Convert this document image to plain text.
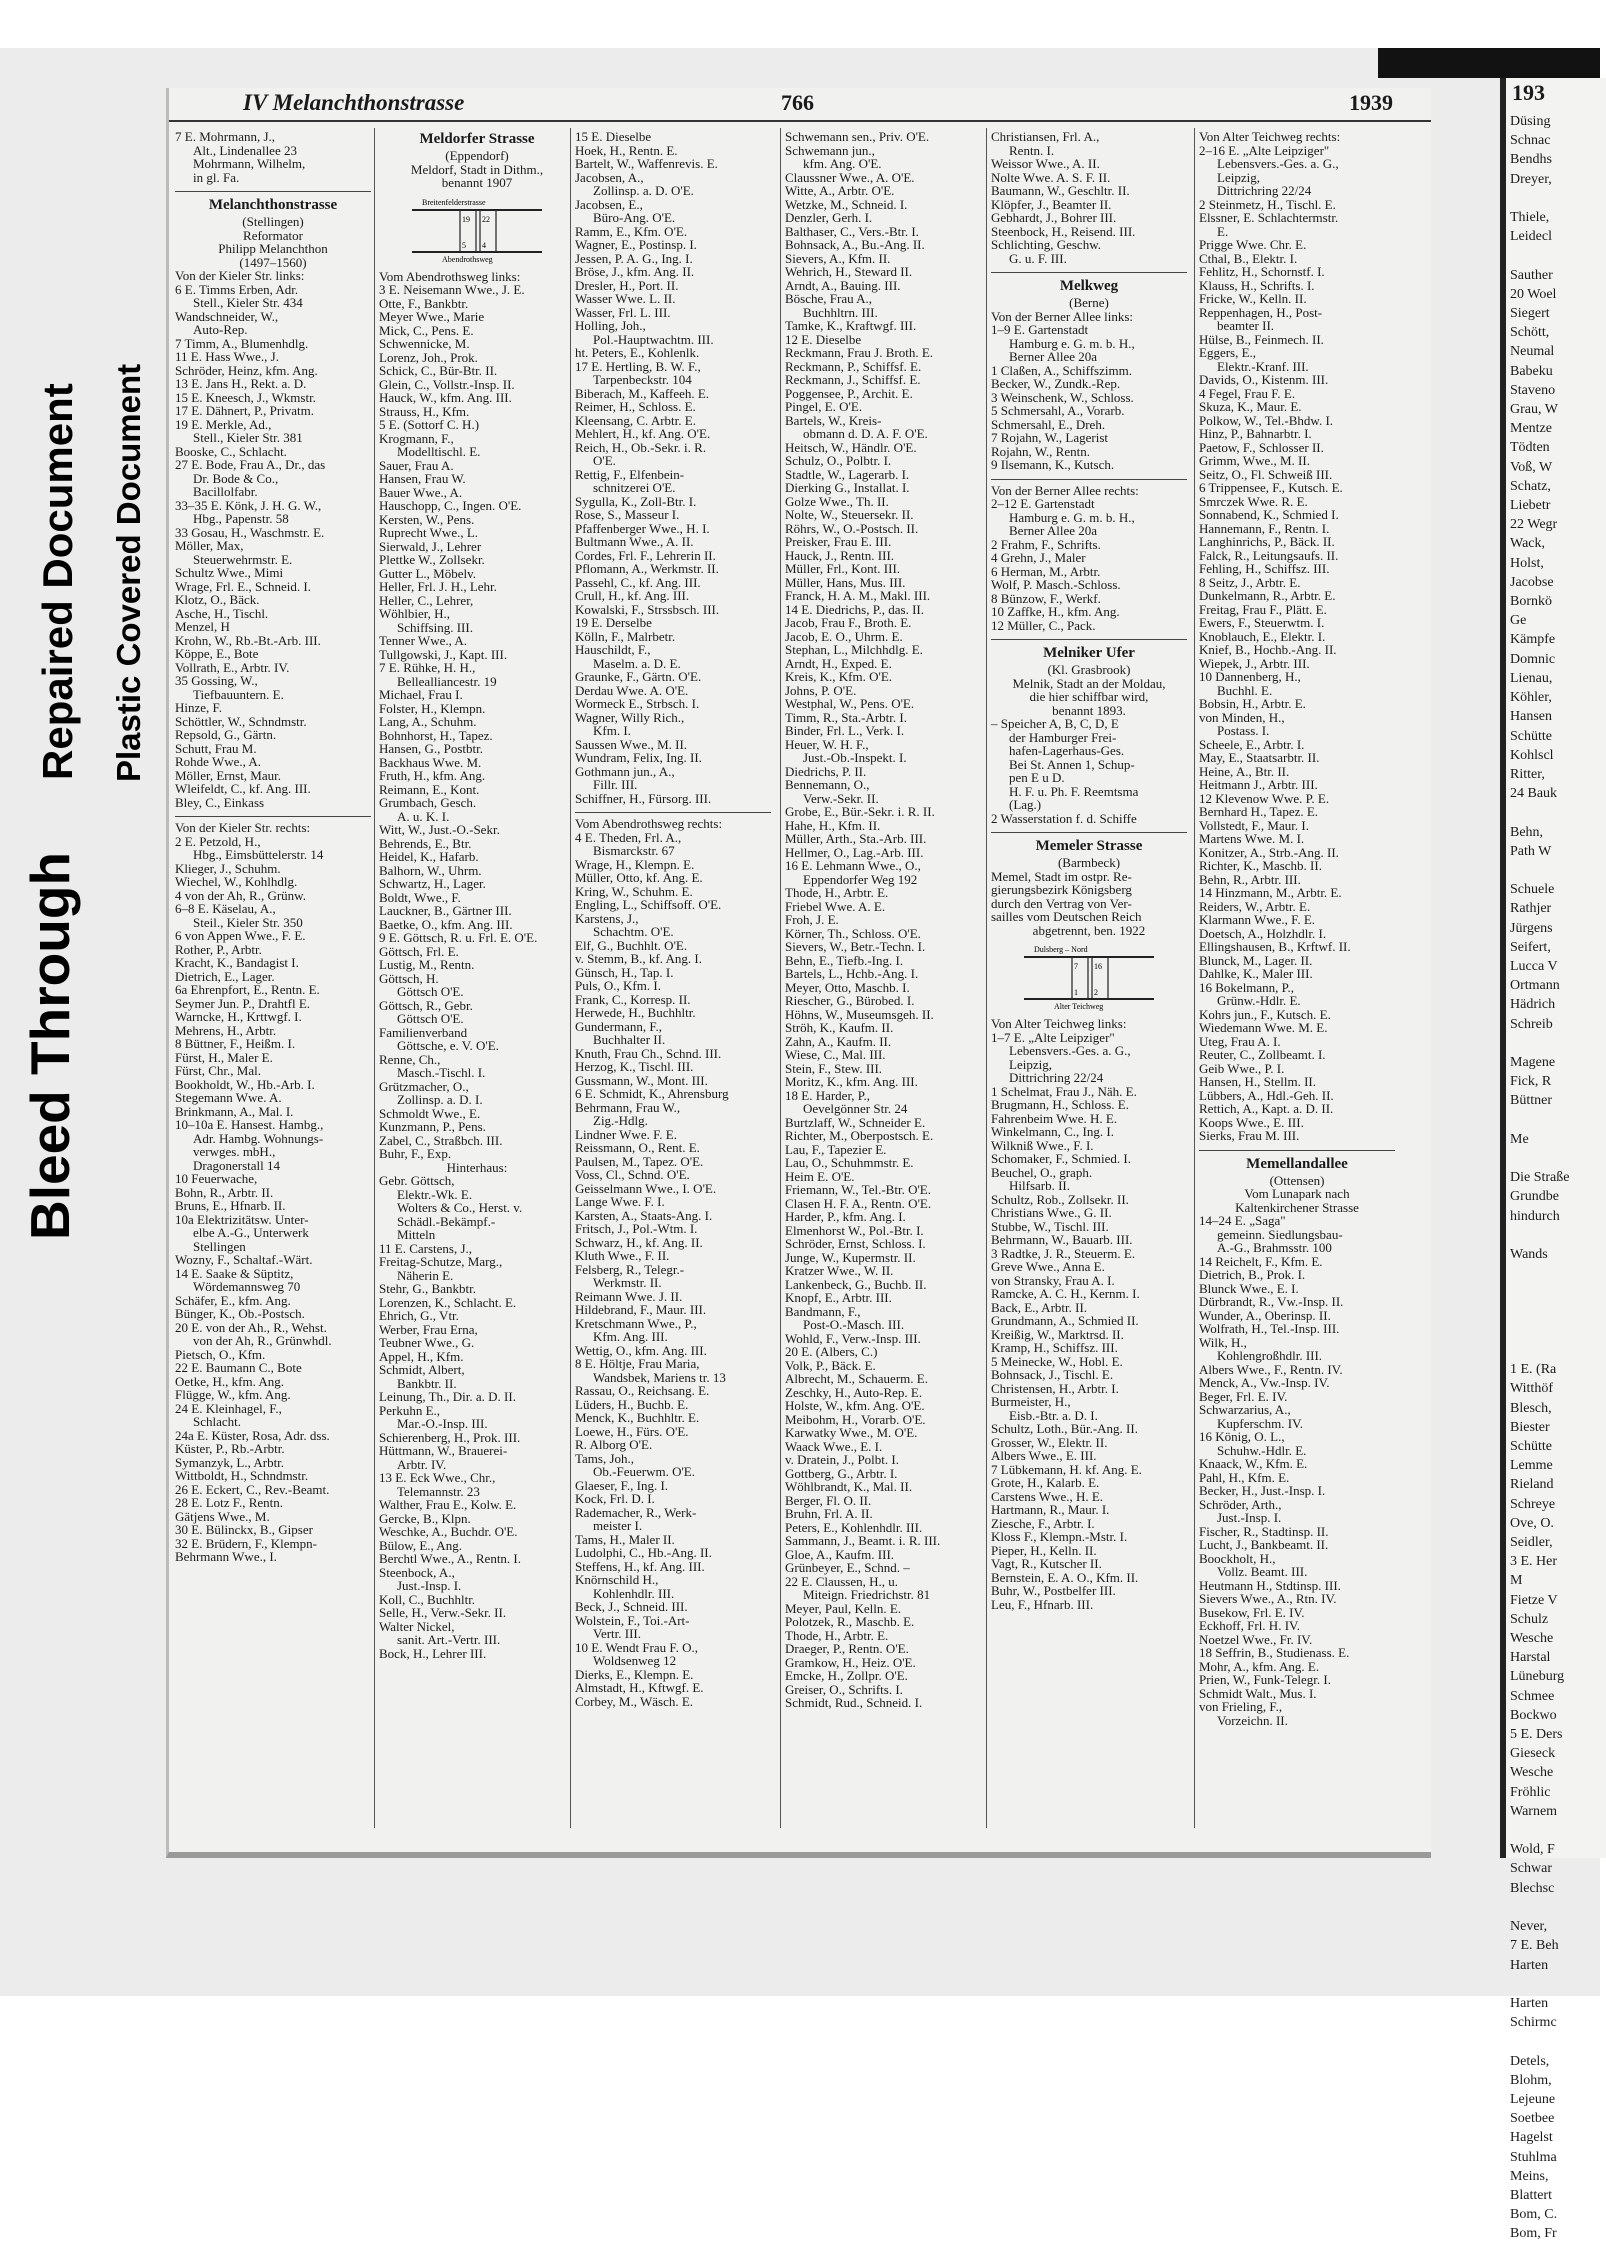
Bleed Through
Repaired Document Plastic Covered Document
IV Melanchthonstrasse	766	1939
7 E. Mohrmann, J.,
Alt., Lindenallee 23
Mohrmann, Wilhelm,
in gl. Fa.
Melanchthonstrasse
(Stellingen)
Reformator
Philipp Melanchthon
(1497–1560)
Von der Kieler Str. links:
6 E. Timms Erben, Adr.
Stell., Kieler Str. 434
Wandschneider, W.,
Auto-Rep.
7 Timm, A., Blumenhdlg.
11 E. Hass Wwe., J.
Schröder, Heinz, kfm. Ang.
13 E. Jans H., Rekt. a. D.
15 E. Kneesch, J., Wkmstr.
17 E. Dähnert, P., Privatm.
19 E. Merkle, Ad.,
Stell., Kieler Str. 381
Booske, C., Schlacht.
27 E. Bode, Frau A., Dr., das
Dr. Bode & Co.,
Bacillolfabr.
33–35 E. Könk, J. H. G. W.,
Hbg., Papenstr. 58
33 Gosau, H., Waschmstr. E.
Möller, Max,
Steuerwehrmstr. E.
Schultz Wwe., Mimi
Wrage, Frl. E., Schneid. I.
Klotz, O., Bäck.
Asche, H., Tischl.
Menzel, H
Krohn, W., Rb.-Bt.-Arb. III.
Köppe, E., Bote
Vollrath, E., Arbtr. IV.
35 Gossing, W.,
Tiefbauuntern. E.
Hinze, F.
Schöttler, W., Schndmstr.
Repsold, G., Gärtn.
Schutt, Frau M.
Rohde Wwe., A.
Möller, Ernst, Maur.
Wleifeldt, C., kf. Ang. III.
Bley, C., Einkass
Von der Kieler Str. rechts:
2 E. Petzold, H.,
Hbg., Eimsbüttelerstr. 14
Klieger, J., Schuhm.
Wiechel, W., Kohlhdlg.
4 von der Ah, R., Grünw.
6–8 E. Käselau, A.,
Steil., Kieler Str. 350
6 von Appen Wwe., F. E.
Rother, P., Arbtr.
Kracht, K., Bandagist I.
Dietrich, E., Lager.
6a Ehrenpfort, E., Rentn. E.
Seymer Jun. P., Drahtfl E.
Warncke, H., Krttwgf. I.
Mehrens, H., Arbtr.
8 Büttner, F., Heißm. I.
Fürst, H., Maler E.
Fürst, Chr., Mal.
Bookholdt, W., Hb.-Arb. I.
Stegemann Wwe. A.
Brinkmann, A., Mal. I.
10–10a E. Hansest. Hambg.,
Adr. Hambg. Wohnungs-
verwges. mbH.,
Dragonerstall 14
10 Feuerwache,
Bohn, R., Arbtr. II.
Bruns, E., Hfnarb. II.
10a Elektrizitätsw. Unter-
elbe A.-G., Unterwerk
Stellingen
Wozny, F., Schaltaf.-Wärt.
14 E. Saake & Süptitz,
Wördemannsweg 70
Schäfer, E., kfm. Ang.
Bünger, K., Ob.-Postsch.
20 E. von der Ah., R., Wehst.
von der Ah, R., Grünwhdl.
Pietsch, O., Kfm.
22 E. Baumann C., Bote
Oetke, H., kfm. Ang.
Flügge, W., kfm. Ang.
24 E. Kleinhagel, F.,
Schlacht.
24a E. Küster, Rosa, Adr. dss.
Küster, P., Rb.-Arbtr.
Symanzyk, L., Arbtr.
Wittboldt, H., Schndmstr.
26 E. Eckert, C., Rev.-Beamt.
28 E. Lotz F., Rentn.
Gätjens Wwe., M.
30 E. Bülinckx, B., Gipser
32 E. Brüdern, F., Klempn-
Behrmann Wwe., I.
Meldorfer Strasse
(Eppendorf)
Meldorf, Stadt in Dithm.,
benannt 1907
Breitenfelderstrasse
Abendrothsweg
19 22
5 4
Vom Abendrothsweg links:
3 E. Neisemann Wwe., J. E.
Otte, F., Bankbtr.
Meyer Wwe., Marie
Mick, C., Pens. E.
Schwennicke, M.
Lorenz, Joh., Prok.
Schick, C., Bür-Btr. II.
Glein, C., Vollstr.-Insp. II.
Hauck, W., kfm. Ang. III.
Strauss, H., Kfm.
5 E. (Sottorf C. H.)
Krogmann, F.,
Modelltischl. E.
Sauer, Frau A.
Hansen, Frau W.
Bauer Wwe., A.
Hauschopp, C., Ingen. O'E.
Kersten, W., Pens.
Ruprecht Wwe., L.
Sierwald, J., Lehrer
Plettke W., Zollsekr.
Gutter L., Möbelv.
Heller, Frl. J. H., Lehr.
Heller, C., Lehrer,
Wöhlbier, H.,
Schiffsing. III.
Tenner Wwe., A.
Tullgowski, J., Kapt. III.
7 E. Rühke, H. H.,
Bellealliancestr. 19
Michael, Frau I.
Folster, H., Klempn.
Lang, A., Schuhm.
Bohnhorst, H., Tapez.
Hansen, G., Postbtr.
Backhaus Wwe. M.
Fruth, H., kfm. Ang.
Reimann, E., Kont.
Grumbach, Gesch.
A. u. K. I.
Witt, W., Just.-O.-Sekr.
Behrends, E., Btr.
Heidel, K., Hafarb.
Balhorn, W., Uhrm.
Schwartz, H., Lager.
Boldt, Wwe., F.
Lauckner, B., Gärtner III.
Baetke, O., kfm. Ang. III.
9 E. Göttsch, R. u. Frl. E. O'E.
Göttsch, Frl. E.
Lustig, M., Rentn.
Göttsch, H.
Göttsch O'E.
Göttsch, R., Gebr.
Göttsch O'E.
Familienverband
Göttsche, e. V. O'E.
Renne, Ch.,
Masch.-Tischl. I.
Grützmacher, O.,
Zollinsp. a. D. I.
Schmoldt Wwe., E.
Kunzmann, P., Pens.
Zabel, C., Straßbch. III.
Buhr, F., Exp.
Hinterhaus:
Gebr. Göttsch,
Elektr.-Wk. E.
Wolters & Co., Herst. v.
Schädl.-Bekämpf.-
Mitteln
11 E. Carstens, J.,
Freitag-Schutze, Marg.,
Näherin E.
Stehr, G., Bankbtr.
Lorenzen, K., Schlacht. E.
Ehrich, G., Vtr.
Werber, Frau Erna,
Teubner Wwe., G.
Appel, H., Kfm.
Schmidt, Albert,
Bankbtr. II.
Leinung, Th., Dir. a. D. II.
Perkuhn E.,
Mar.-O.-Insp. III.
Schierenberg, H., Prok. III.
Hüttmann, W., Brauerei-
Arbtr. IV.
13 E. Eck Wwe., Chr.,
Telemannstr. 23
Walther, Frau E., Kolw. E.
Gercke, B., Klpn.
Weschke, A., Buchdr. O'E.
Bülow, E., Ang.
Berchtl Wwe., A., Rentn. I.
Steenbock, A.,
Just.-Insp. I.
Koll, C., Buchhltr.
Selle, H., Verw.-Sekr. II.
Walter Nickel,
sanit. Art.-Vertr. III.
Bock, H., Lehrer III.
15 E. Dieselbe
Hoek, H., Rentn. E.
Bartelt, W., Waffenrevis. E.
Jacobsen, A.,
Zollinsp. a. D. O'E.
Jacobsen, E.,
Büro-Ang. O'E.
Ramm, E., Kfm. O'E.
Wagner, E., Postinsp. I.
Jessen, P. A. G., Ing. I.
Bröse, J., kfm. Ang. II.
Dresler, H., Port. II.
Wasser Wwe. L. II.
Wasser, Frl. L. III.
Holling, Joh.,
Pol.-Hauptwachtm. III.
ht. Peters, E., Kohlenlk.
17 E. Hertling, B. W. F.,
Tarpenbeckstr. 104
Biberach, M., Kaffeeh. E.
Reimer, H., Schloss. E.
Kleensang, C. Arbtr. E.
Mehlert, H., kf. Ang. O'E.
Reich, H., Ob.-Sekr. i. R.
O'E.
Rettig, F., Elfenbein-
schnitzerei O'E.
Sygulla, K., Zoll-Btr. I.
Rose, S., Masseur I.
Pfaffenberger Wwe., H. I.
Bultmann Wwe., A. II.
Cordes, Frl. F., Lehrerin II.
Pflomann, A., Werkmstr. II.
Passehl, C., kf. Ang. III.
Crull, H., kf. Ang. III.
Kowalski, F., Strssbsch. III.
19 E. Derselbe
Kölln, F., Malrbetr.
Hauschildt, F.,
Maselm. a. D. E.
Graunke, F., Gärtn. O'E.
Derdau Wwe. A. O'E.
Wormeck E., Strbsch. I.
Wagner, Willy Rich.,
Kfm. I.
Saussen Wwe., M. II.
Wundram, Felix, Ing. II.
Gothmann jun., A.,
Fillr. III.
Schiffner, H., Fürsorg. III.
Vom Abendrothsweg rechts:
4 E. Theden, Frl. A.,
Bismarckstr. 67
Wrage, H., Klempn. E.
Müller, Otto, kf. Ang. E.
Kring, W., Schuhm. E.
Engling, L., Schiffsoff. O'E.
Karstens, J.,
Schachtm. O'E.
Elf, G., Buchhlt. O'E.
v. Stemm, B., kf. Ang. I.
Günsch, H., Tap. I.
Puls, O., Kfm. I.
Frank, C., Korresp. II.
Herwede, H., Buchhltr.
Gundermann, F.,
Buchhalter II.
Knuth, Frau Ch., Schnd. III.
Herzog, K., Tischl. III.
Gussmann, W., Mont. III.
6 E. Schmidt, K., Ahrensburg
Behrmann, Frau W.,
Zig.-Hdlg.
Lindner Wwe. F. E.
Reissmann, O., Rent. E.
Paulsen, M., Tapez. O'E.
Voss, Cl., Schnd. O'E.
Geisselmann Wwe., I. O'E.
Lange Wwe. F. I.
Karsten, A., Staats-Ang. I.
Fritsch, J., Pol.-Wtm. I.
Schwarz, H., kf. Ang. II.
Kluth Wwe., F. II.
Felsberg, R., Telegr.-
Werkmstr. II.
Reimann Wwe. J. II.
Hildebrand, F., Maur. III.
Kretschmann Wwe., P.,
Kfm. Ang. III.
Wettig, O., kfm. Ang. III.
8 E. Höltje, Frau Maria,
Wandsbek, Mariens tr. 13
Rassau, O., Reichsang. E.
Lüders, H., Buchb. E.
Menck, K., Buchhltr. E.
Loewe, H., Fürs. O'E.
R. Alborg O'E.
Tams, Joh.,
Ob.-Feuerwm. O'E.
Glaeser, F., Ing. I.
Kock, Frl. D. I.
Rademacher, R., Werk-
meister I.
Tams, H., Maler II.
Ludolphi, C., Hb.-Ang. II.
Steffens, H., kf. Ang. III.
Knörnschild H.,
Kohlenhdlr. III.
Beck, J., Schneid. III.
Wolstein, F., Toi.-Art-
Vertr. III.
10 E. Wendt Frau F. O.,
Woldsenweg 12
Dierks, E., Klempn. E.
Almstadt, H., Kftwgf. E.
Corbey, M., Wäsch. E.
Schwemann sen., Priv. O'E.
Schwemann jun.,
kfm. Ang. O'E.
Claussner Wwe., A. O'E.
Witte, A., Arbtr. O'E.
Wetzke, M., Schneid. I.
Denzler, Gerh. I.
Balthaser, C., Vers.-Btr. I.
Bohnsack, A., Bu.-Ang. II.
Sievers, A., Kfm. II.
Wehrich, H., Steward II.
Arndt, A., Bauing. III.
Bösche, Frau A.,
Buchhltrn. III.
Tamke, K., Kraftwgf. III.
12 E. Dieselbe
Reckmann, Frau J. Broth. E.
Reckmann, P., Schiffsf. E.
Reckmann, J., Schiffsf. E.
Poggensee, P., Archit. E.
Pingel, E. O'E.
Bartels, W., Kreis-
obmann d. D. A. F. O'E.
Heitsch, W., Händlr. O'E.
Schulz, O., Polbtr. I.
Stadtle, W., Lagerarb. I.
Dierking G., Installat. I.
Golze Wwe., Th. II.
Nolte, W., Steuersekr. II.
Röhrs, W., O.-Postsch. II.
Preisker, Frau E. III.
Hauck, J., Rentn. III.
Müller, Frl., Kont. III.
Müller, Hans, Mus. III.
Franck, H. A. M., Makl. III.
14 E. Diedrichs, P., das. II.
Jacob, Frau F., Broth. E.
Jacob, E. O., Uhrm. E.
Stephan, L., Milchhdlg. E.
Arndt, H., Exped. E.
Kreis, K., Kfm. O'E.
Johns, P. O'E.
Westphal, W., Pens. O'E.
Timm, R., Sta.-Arbtr. I.
Binder, Frl. L., Verk. I.
Heuer, W. H. F.,
Just.-Ob.-Inspekt. I.
Diedrichs, P. II.
Bennemann, O.,
Verw.-Sekr. II.
Grobe, E., Bür.-Sekr. i. R. II.
Hahe, H., Kfm. II.
Müller, Arth., Sta.-Arb. III.
Hellmer, O., Lag.-Arb. III.
16 E. Lehmann Wwe., O.,
Eppendorfer Weg 192
Thode, H., Arbtr. E.
Friebel Wwe. A. E.
Froh, J. E.
Körner, Th., Schloss. O'E.
Sievers, W., Betr.-Techn. I.
Behn, E., Tiefb.-Ing. I.
Bartels, L., Hchb.-Ang. I.
Meyer, Otto, Maschb. I.
Riescher, G., Bürobed. I.
Höhns, W., Museumsgeh. II.
Ströh, K., Kaufm. II.
Zahn, A., Kaufm. II.
Wiese, C., Mal. III.
Stein, F., Stew. III.
Moritz, K., kfm. Ang. III.
18 E. Harder, P.,
Oevelgönner Str. 24
Burtzlaff, W., Schneider E.
Richter, M., Oberpostsch. E.
Lau, F., Tapezier E.
Lau, O., Schuhmmstr. E.
Heim E. O'E.
Friemann, W., Tel.-Btr. O'E.
Clasen H. F. A., Rentn. O'E.
Harder, P., kfm. Ang. I.
Elmenhorst W., Pol.-Btr. I.
Schröder, Ernst, Schloss. I.
Junge, W., Kupermstr. II.
Kratzer Wwe., W. II.
Lankenbeck, G., Buchb. II.
Knopf, E., Arbtr. III.
Bandmann, F.,
Post-O.-Masch. III.
Wohld, F., Verw.-Insp. III.
20 E. (Albers, C.)
Volk, P., Bäck. E.
Albrecht, M., Schauerm. E.
Zeschky, H., Auto-Rep. E.
Holste, W., kfm. Ang. O'E.
Meibohm, H., Vorarb. O'E.
Karwatky Wwe., M. O'E.
Waack Wwe., E. I.
v. Dratein, J., Polbt. I.
Gottberg, G., Arbtr. I.
Wöhlbrandt, K., Mal. II.
Berger, Fl. O. II.
Bruhn, Frl. A. II.
Peters, E., Kohlenhdlr. III.
Sammann, J., Beamt. i. R. III.
Gloe, A., Kaufm. III.
Grünbeyer, E., Schnd. –
22 E. Claussen, H., u.
Miteign. Friedrichstr. 81
Meyer, Paul, Kelln. E.
Polotzek, R., Maschb. E.
Thode, H., Arbtr. E.
Draeger, P., Rentn. O'E.
Gramkow, H., Heiz. O'E.
Emcke, H., Zollpr. O'E.
Greiser, O., Schrifts. I.
Schmidt, Rud., Schneid. I.
Christiansen, Frl. A.,
Rentn. I.
Weissor Wwe., A. II.
Nolte Wwe. A. S. F. II.
Baumann, W., Geschltr. II.
Klöpfer, J., Beamter II.
Gebhardt, J., Bohrer III.
Steenbock, H., Reisend. III.
Schlichting, Geschw.
G. u. F. III.
Melkweg
(Berne)
Von der Berner Allee links:
1–9 E. Gartenstadt
Hamburg e. G. m. b. H.,
Berner Allee 20a
1 Claßen, A., Schiffszimm.
Becker, W., Zundk.-Rep.
3 Weinschenk, W., Schloss.
5 Schmersahl, A., Vorarb.
Schmersahl, E., Dreh.
7 Rojahn, W., Lagerist
Rojahn, W., Rentn.
9 Ilsemann, K., Kutsch.
Von der Berner Allee rechts:
2–12 E. Gartenstadt
Hamburg e. G. m. b. H.,
Berner Allee 20a
2 Frahm, F., Schrifts.
4 Grehn, J., Maler
6 Herman, M., Arbtr.
Wolf, P. Masch.-Schloss.
8 Bünzow, F., Werkf.
10 Zaffke, H., kfm. Ang.
12 Müller, C., Pack.
Melniker Ufer
(Kl. Grasbrook)
Melnik, Stadt an der Moldau,
die hier schiffbar wird,
benannt 1893.
– Speicher A, B, C, D, E
der Hamburger Frei-
hafen-Lagerhaus-Ges.
Bei St. Annen 1, Schup-
pen E u D.
H. F. u. Ph. F. Reemtsma
(Lag.)
2 Wasserstation f. d. Schiffe
Memeler Strasse
(Barmbeck)
Memel, Stadt im ostpr. Re-
gierungsbezirk Königsberg
durch den Vertrag von Ver-
sailles vom Deutschen Reich
abgetrennt, ben. 1922
Dulsberg – Nord
Alter Teichweg
7 16
1 2
Von Alter Teichweg links:
1–7 E. „Alte Leipziger"
Lebensvers.-Ges. a. G.,
Leipzig,
Dittrichring 22/24
1 Schelmat, Frau J., Näh. E.
Brugmann, H., Schloss. E.
Fahrenbeim Wwe. H. E.
Winkelmann, C., Ing. I.
Wilkniß Wwe., F. I.
Schomaker, F., Schmied. I.
Beuchel, O., graph.
Hilfsarb. II.
Schultz, Rob., Zollsekr. II.
Christians Wwe., G. II.
Stubbe, W., Tischl. III.
Behrmann, W., Bauarb. III.
3 Radtke, J. R., Steuerm. E.
Greve Wwe., Anna E.
von Stransky, Frau A. I.
Ramcke, A. C. H., Kernm. I.
Back, E., Arbtr. II.
Grundmann, A., Schmied II.
Kreißig, W., Marktrsd. II.
Kramp, H., Schiffsz. III.
5 Meinecke, W., Hobl. E.
Bohnsack, J., Tischl. E.
Christensen, H., Arbtr. I.
Burmeister, H.,
Eisb.-Btr. a. D. I.
Schultz, Loth., Bür.-Ang. II.
Grosser, W., Elektr. II.
Albers Wwe., E. III.
7 Lübkemann, H. kf. Ang. E.
Grote, H., Kalarb. E.
Carstens Wwe., H. E.
Hartmann, R., Maur. I.
Ziesche, F., Arbtr. I.
Kloss F., Klempn.-Mstr. I.
Pieper, H., Kelln. II.
Vagt, R., Kutscher II.
Bernstein, E. A. O., Kfm. II.
Buhr, W., Postbelfer III.
Leu, F., Hfnarb. III.
Von Alter Teichweg rechts:
2–16 E. „Alte Leipziger"
Lebensvers.-Ges. a. G.,
Leipzig,
Dittrichring 22/24
2 Steinmetz, H., Tischl. E.
Elssner, E. Schlachtermstr.
E.
Prigge Wwe. Chr. E.
Cthal, B., Elektr. I.
Fehlitz, H., Schornstf. I.
Klauss, H., Schrifts. I.
Fricke, W., Kelln. II.
Reppenhagen, H., Post-
beamter II.
Hülse, B., Feinmech. II.
Eggers, E.,
Elektr.-Kranf. III.
Davids, O., Kistenm. III.
4 Fegel, Frau F. E.
Skuza, K., Maur. E.
Polkow, W., Tel.-Bhdw. I.
Hinz, P., Bahnarbtr. I.
Paetow, F., Schlosser II.
Grimm, Wwe., M. II.
Seitz, O., Fl. Schweiß III.
6 Trippensee, F., Kutsch. E.
Smrczek Wwe. R. E.
Sonnabend, K., Schmied I.
Hannemann, F., Rentn. I.
Langhinrichs, P., Bäck. II.
Falck, R., Leitungsaufs. II.
Fehling, H., Schiffsz. III.
8 Seitz, J., Arbtr. E.
Dunkelmann, R., Arbtr. E.
Freitag, Frau F., Plätt. E.
Ewers, F., Steuerwtm. I.
Knoblauch, E., Elektr. I.
Knief, B., Hochb.-Ang. II.
Wiepek, J., Arbtr. III.
10 Dannenberg, H.,
Buchhl. E.
Bobsin, H., Arbtr. E.
von Minden, H.,
Postass. I.
Scheele, E., Arbtr. I.
May, E., Staatsarbtr. II.
Heine, A., Btr. II.
Heitmann J., Arbtr. III.
12 Klevenow Wwe. P. E.
Bernhard H., Tapez. E.
Vollstedt, F., Maur. I.
Martens Wwe. M. I.
Konitzer, A., Strb.-Ang. II.
Richter, K., Maschb. II.
Behn, R., Arbtr. III.
14 Hinzmann, M., Arbtr. E.
Reiders, W., Arbtr. E.
Klarmann Wwe., F. E.
Doetsch, A., Holzhdlr. I.
Ellingshausen, B., Krftwf. II.
Blunck, M., Lager. II.
Dahlke, K., Maler III.
16 Bokelmann, P.,
Grünw.-Hdlr. E.
Kohrs jun., F., Kutsch. E.
Wiedemann Wwe. M. E.
Uteg, Frau A. I.
Reuter, C., Zollbeamt. I.
Geib Wwe., P. I.
Hansen, H., Stellm. II.
Lübbers, A., Hdl.-Geh. II.
Rettich, A., Kapt. a. D. II.
Koops Wwe., E. III.
Sierks, Frau M. III.
Memellandallee
(Ottensen)
Vom Lunapark nach
Kaltenkirchener Strasse
14–24 E. „Saga"
gemeinn. Siedlungsbau-
A.-G., Brahmsstr. 100
14 Reichelt, F., Kfm. E.
Dietrich, B., Prok. I.
Blunck Wwe., E. I.
Dürbrandt, R., Vw.-Insp. II.
Wunder, A., Oberinsp. II.
Wolfrath, H., Tel.-Insp. III.
Wilk, H.,
Kohlengroßhdlr. III.
Albers Wwe., F., Rentn. IV.
Menck, A., Vw.-Insp. IV.
Beger, Frl. E. IV.
Schwarzarius, A.,
Kupferschm. IV.
16 König, O. L.,
Schuhw.-Hdlr. E.
Knaack, W., Kfm. E.
Pahl, H., Kfm. E.
Becker, H., Just.-Insp. I.
Schröder, Arth.,
Just.-Insp. I.
Fischer, R., Stadtinsp. II.
Lucht, J., Bankbeamt. II.
Boockholt, H.,
Vollz. Beamt. III.
Heutmann H., Stdtinsp. III.
Sievers Wwe., A., Rtn. IV.
Busekow, Frl. E. IV.
Eckhoff, Frl. H. IV.
Noetzel Wwe., Fr. IV.
18 Seffrin, B., Studienass. E.
Mohr, A., kfm. Ang. E.
Prien, W., Funk-Telegr. I.
Schmidt Walt., Mus. I.
von Frieling, F.,
Vorzeichn. II.
193
Düsing
Schnac
Bendhs
Dreyer,

Thiele,
Leidecl

Sauther
20 Woel
Siegert
Schött,
Neumal
Babeku
Staveno
Grau, W
Mentze
Tödten
Voß, W
Schatz,
Liebetr
22 Wegr
Wack,
Holst,
Jacobse
Bornkö
Ge
Kämpfe
Domnic
Lienau,
Köhler,
Hansen
Schütte
Kohlscl
Ritter,
24 Bauk

Behn,
Path W

Schuele
Rathjer
Jürgens
Seifert,
Lucca V
Ortmann
Hädrich
Schreib

Magene
Fick, R
Büttner

Me

Die Straße
Grundbe
hindurch

Wands

1 E. (Ra
Witthöf
Blesch,
Biester
Schütte
Lemme
Rieland
Schreye
Ove, O.
Seidler,
3 E. Her
M
Fietze V
Schulz
Wesche
Harstal
Lüneburg
Schmee
Bockwo
5 E. Ders
Gieseck
Wesche
Fröhlic
Warnem

Wold, F
Schwar
Blechsc

Never,
7 E. Beh
Harten

Harten
Schirmc

Detels,
Blohm,
Lejeune
Soetbee
Hagelst
Stuhlma
Meins,
Blattert
Bom, C.
Bom, Fr
